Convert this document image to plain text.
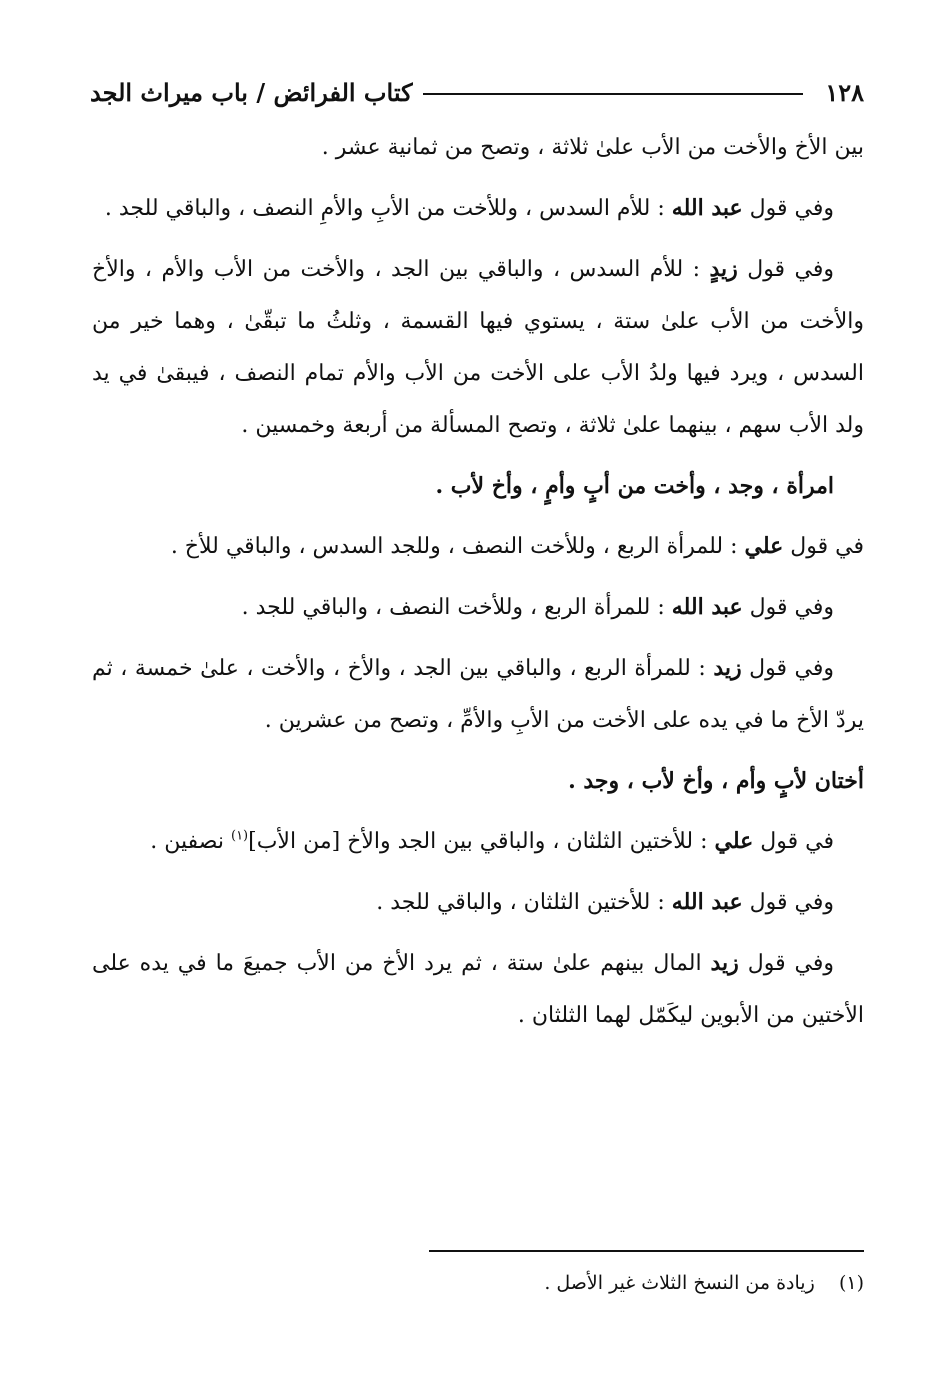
١٢٨
كتاب الفرائض / باب ميراث الجد

بين الأخ والأخت من الأب علىٰ ثلاثة ، وتصح من ثمانية عشر .

وفي قول عبد الله : للأم السدس ، وللأخت من الأبِ والأمِ النصف ، والباقي للجد .

وفي قول زيدٍ : للأم السدس ، والباقي بين الجد ، والأخت من الأب والأم ، والأخ والأخت من الأب علىٰ ستة ، يستوي فيها القسمة ، وثلثُ ما تبقّىٰ ، وهما خير من السدس ، ويرد فيها ولدُ الأب على الأخت من الأب والأم تمام النصف ، فيبقىٰ في يد ولد الأب سهم ، بينهما علىٰ ثلاثة ، وتصح المسألة من أربعة وخمسين .

امرأة ، وجد ، وأخت من أبٍ وأمٍ ، وأخ لأب .

في قول علي : للمرأة الربع ، وللأخت النصف ، وللجد السدس ، والباقي للأخ .

وفي قول عبد الله : للمرأة الربع ، وللأخت النصف ، والباقي للجد .

وفي قول زيد : للمرأة الربع ، والباقي بين الجد ، والأخ ، والأخت ، علىٰ خمسة ، ثم يردّ الأخ ما في يده على الأخت من الأبِ والأمِّ ، وتصح من عشرين .

أختان لأبٍ وأم ، وأخ لأب ، وجد .

في قول علي : للأختين الثلثان ، والباقي بين الجد والأخ [من الأب]$^{(١)}$ نصفين .

وفي قول عبد الله : للأختين الثلثان ، والباقي للجد .

وفي قول زيد المال بينهم علىٰ ستة ، ثم يرد الأخ من الأب جميعَ ما في يده على الأختين من الأبوين ليكَمّل لهما الثلثان .

(١)    زيادة من النسخ الثلاث غير الأصل .
